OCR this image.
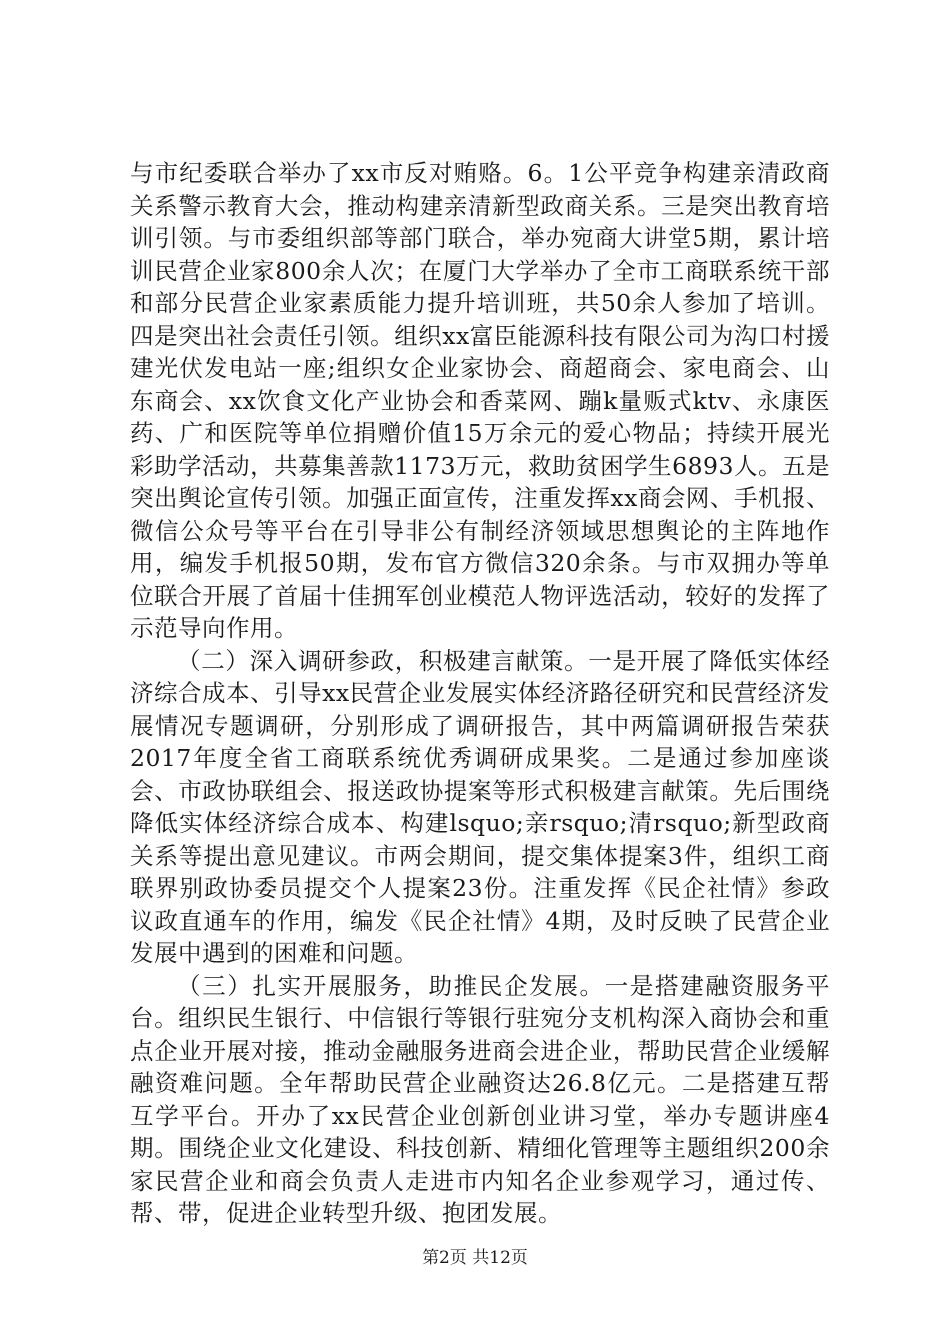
与市纪委联合举办了xx市反对贿赂。6。1公平竞争构建亲清政商关系警示教育大会，推动构建亲清新型政商关系。三是突出教育培训引领。与市委组织部等部门联合，举办宛商大讲堂5期，累计培训民营企业家800余人次；在厦门大学举办了全市工商联系统干部和部分民营企业家素质能力提升培训班，共50余人参加了培训。四是突出社会责任引领。组织xx富臣能源科技有限公司为沟口村援建光伏发电站一座;组织女企业家协会、商超商会、家电商会、山东商会、xx饮食文化产业协会和香菜网、蹦k量贩式ktv、永康医药、广和医院等单位捐赠价值15万余元的爱心物品；持续开展光彩助学活动，共募集善款1173万元，救助贫困学生6893人。五是突出舆论宣传引领。加强正面宣传，注重发挥xx商会网、手机报、微信公众号等平台在引导非公有制经济领域思想舆论的主阵地作用，编发手机报50期，发布官方微信320余条。与市双拥办等单位联合开展了首届十佳拥军创业模范人物评选活动，较好的发挥了示范导向作用。

（二）深入调研参政，积极建言献策。一是开展了降低实体经济综合成本、引导xx民营企业发展实体经济路径研究和民营经济发展情况专题调研，分别形成了调研报告，其中两篇调研报告荣获2017年度全省工商联系统优秀调研成果奖。二是通过参加座谈会、市政协联组会、报送政协提案等形式积极建言献策。先后围绕降低实体经济综合成本、构建lsquo;亲rsquo;清rsquo;新型政商关系等提出意见建议。市两会期间，提交集体提案3件，组织工商联界别政协委员提交个人提案23份。注重发挥《民企社情》参政议政直通车的作用，编发《民企社情》4期，及时反映了民营企业发展中遇到的困难和问题。

（三）扎实开展服务，助推民企发展。一是搭建融资服务平台。组织民生银行、中信银行等银行驻宛分支机构深入商协会和重点企业开展对接，推动金融服务进商会进企业，帮助民营企业缓解融资难问题。全年帮助民营企业融资达26.8亿元。二是搭建互帮互学平台。开办了xx民营企业创新创业讲习堂，举办专题讲座4期。围绕企业文化建设、科技创新、精细化管理等主题组织200余家民营企业和商会负责人走进市内知名企业参观学习，通过传、帮、带，促进企业转型升级、抱团发展。

第2页 共12页
